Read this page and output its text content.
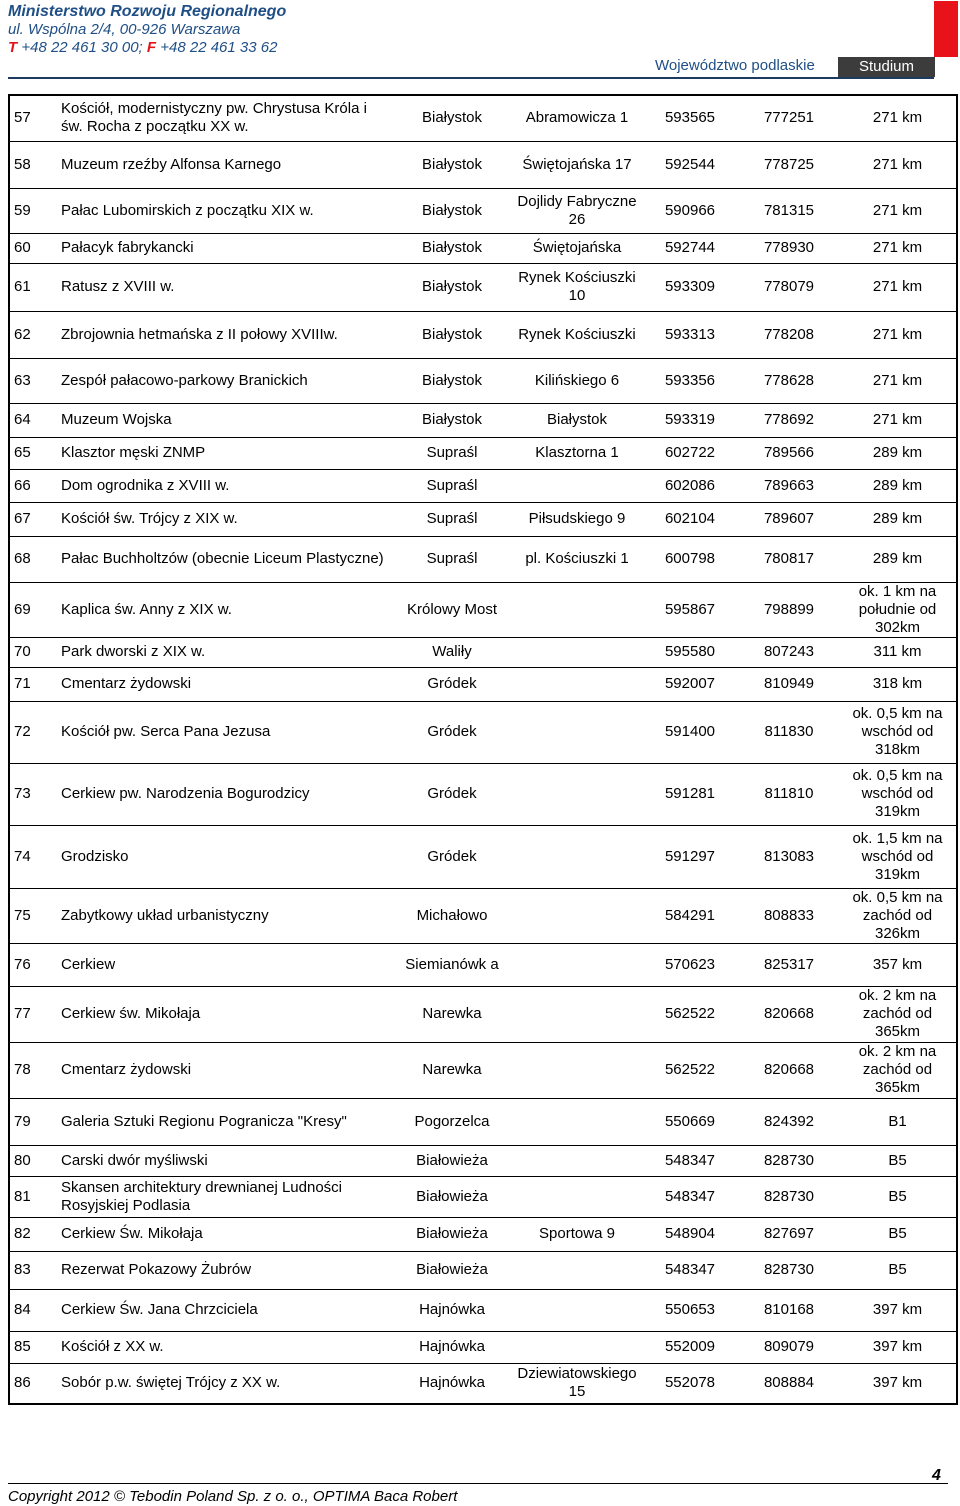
Ministerstwo Rozwoju Regionalnego
ul. Wspólna 2/4, 00-926 Warszawa
T +48 22 461 30 00; F +48 22 461 33 62
Województwo podlaskie	Studium
57	Kościół, modernistyczny pw. Chrystusa Króla i św. Rocha z początku XX w.	Białystok	Abramowicza 1	593565	777251	271 km
58	Muzeum rzeźby Alfonsa Karnego	Białystok	Świętojańska 17	592544	778725	271 km
59	Pałac Lubomirskich z początku XIX w.	Białystok	Dojlidy Fabryczne 26	590966	781315	271 km
60	Pałacyk fabrykancki	Białystok	Świętojańska	592744	778930	271 km
61	Ratusz z XVIII w.	Białystok	Rynek Kościuszki 10	593309	778079	271 km
62	Zbrojownia hetmańska z II połowy XVIIIw.	Białystok	Rynek Kościuszki	593313	778208	271 km
63	Zespół pałacowo-parkowy Branickich	Białystok	Kilińskiego 6	593356	778628	271 km
64	Muzeum Wojska	Białystok	Białystok	593319	778692	271 km
65	Klasztor męski ZNMP	Supraśl	Klasztorna 1	602722	789566	289 km
66	Dom ogrodnika z XVIII w.	Supraśl		602086	789663	289 km
67	Kościół św. Trójcy z XIX w.	Supraśl	Piłsudskiego 9	602104	789607	289 km
68	Pałac Buchholtzów (obecnie Liceum Plastyczne)	Supraśl	pl. Kościuszki 1	600798	780817	289 km
69	Kaplica św. Anny z XIX w.	Królowy Most		595867	798899	ok. 1 km na południe od 302km
70	Park dworski z XIX w.	Waliły		595580	807243	311 km
71	Cmentarz żydowski	Gródek		592007	810949	318 km
72	Kościół pw. Serca Pana Jezusa	Gródek		591400	811830	ok. 0,5 km na wschód od 318km
73	Cerkiew pw. Narodzenia Bogurodzicy	Gródek		591281	811810	ok. 0,5 km na wschód od 319km
74	Grodzisko	Gródek		591297	813083	ok. 1,5 km na wschód od 319km
75	Zabytkowy układ urbanistyczny	Michałowo		584291	808833	ok. 0,5 km na zachód od 326km
76	Cerkiew	Siemianówk a		570623	825317	357 km
77	Cerkiew św. Mikołaja	Narewka		562522	820668	ok. 2 km na zachód od 365km
78	Cmentarz żydowski	Narewka		562522	820668	ok. 2 km na zachód od 365km
79	Galeria Sztuki Regionu Pogranicza "Kresy"	Pogorzelca		550669	824392	B1
80	Carski dwór myśliwski	Białowieża		548347	828730	B5
81	Skansen architektury drewnianej Ludności Rosyjskiej Podlasia	Białowieża		548347	828730	B5
82	Cerkiew Św. Mikołaja	Białowieża	Sportowa 9	548904	827697	B5
83	Rezerwat Pokazowy Żubrów	Białowieża		548347	828730	B5
84	Cerkiew Św. Jana Chrzciciela	Hajnówka		550653	810168	397 km
85	Kościół z XX w.	Hajnówka		552009	809079	397 km
86	Sobór p.w. świętej Trójcy z XX w.	Hajnówka	Dziewiatowskiego 15	552078	808884	397 km
Copyright 2012 © Tebodin Poland Sp. z o. o., OPTIMA Baca Robert
4
